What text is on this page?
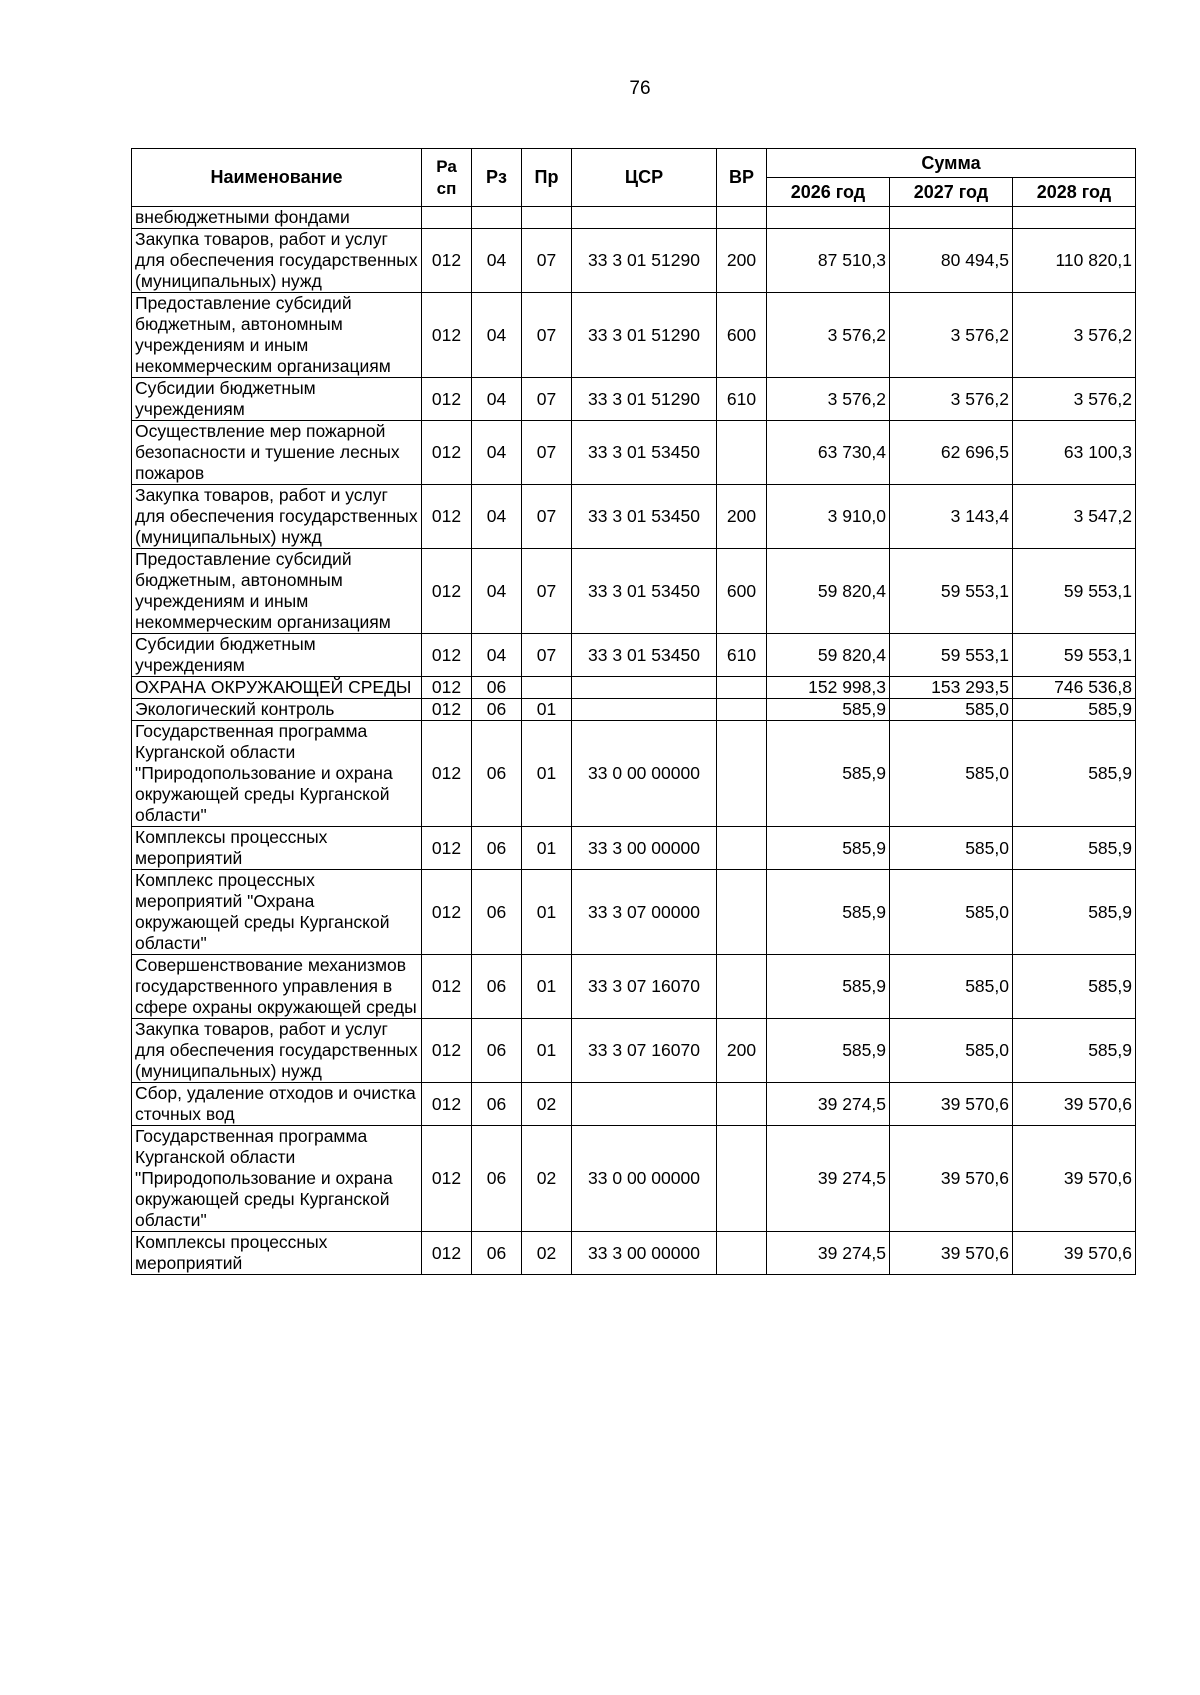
76
Наименование	Ра сп	Рз	Пр	ЦСР	ВР	Сумма		
						2026 год	2027 год	2028 год
внебюджетными фондами								
Закупка товаров, работ и услуг для обеспечения государственных (муниципальных) нужд	012	04	07	33 3 01 51290	200	87 510,3	80 494,5	110 820,1
Предоставление субсидий бюджетным, автономным учреждениям и иным некоммерческим организациям	012	04	07	33 3 01 51290	600	3 576,2	3 576,2	3 576,2
Субсидии бюджетным учреждениям	012	04	07	33 3 01 51290	610	3 576,2	3 576,2	3 576,2
Осуществление мер пожарной безопасности и тушение лесных пожаров	012	04	07	33 3 01 53450		63 730,4	62 696,5	63 100,3
Закупка товаров, работ и услуг для обеспечения государственных (муниципальных) нужд	012	04	07	33 3 01 53450	200	3 910,0	3 143,4	3 547,2
Предоставление субсидий бюджетным, автономным учреждениям и иным некоммерческим организациям	012	04	07	33 3 01 53450	600	59 820,4	59 553,1	59 553,1
Субсидии бюджетным учреждениям	012	04	07	33 3 01 53450	610	59 820,4	59 553,1	59 553,1
ОХРАНА ОКРУЖАЮЩЕЙ СРЕДЫ	012	06				152 998,3	153 293,5	746 536,8
Экологический контроль	012	06	01			585,9	585,0	585,9
Государственная программа Курганской области "Природопользование и охрана окружающей среды Курганской области"	012	06	01	33 0 00 00000		585,9	585,0	585,9
Комплексы процессных мероприятий	012	06	01	33 3 00 00000		585,9	585,0	585,9
Комплекс процессных мероприятий "Охрана окружающей среды Курганской области"	012	06	01	33 3 07 00000		585,9	585,0	585,9
Совершенствование механизмов государственного управления в сфере охраны окружающей среды	012	06	01	33 3 07 16070		585,9	585,0	585,9
Закупка товаров, работ и услуг для обеспечения государственных (муниципальных) нужд	012	06	01	33 3 07 16070	200	585,9	585,0	585,9
Сбор, удаление отходов и очистка сточных вод	012	06	02			39 274,5	39 570,6	39 570,6
Государственная программа Курганской области "Природопользование и охрана окружающей среды Курганской области"	012	06	02	33 0 00 00000		39 274,5	39 570,6	39 570,6
Комплексы процессных мероприятий	012	06	02	33 3 00 00000		39 274,5	39 570,6	39 570,6
